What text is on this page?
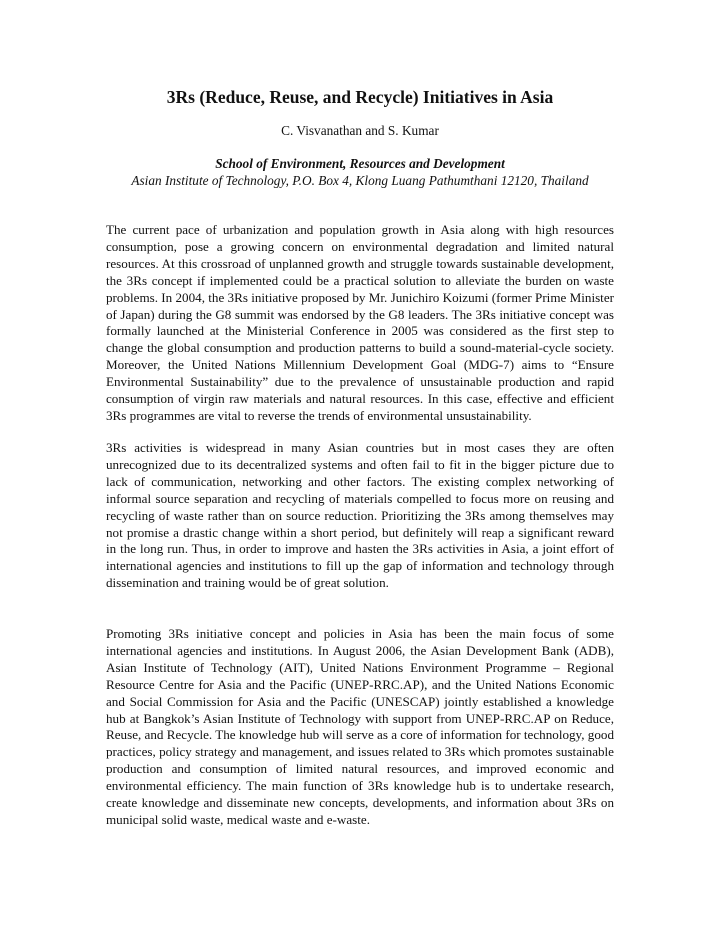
3Rs (Reduce, Reuse, and Recycle) Initiatives in Asia

C. Visvanathan and S. Kumar

School of Environment, Resources and Development

Asian Institute of Technology, P.O. Box 4, Klong Luang Pathumthani 12120, Thailand

The current pace of urbanization and population growth in Asia along with high resources consumption, pose a growing concern on environmental degradation and limited natural resources. At this crossroad of unplanned growth and struggle towards sustainable development, the 3Rs concept if implemented could be a practical solution to alleviate the burden on waste problems. In 2004, the 3Rs initiative proposed by Mr. Junichiro Koizumi (former Prime Minister of Japan) during the G8 summit was endorsed by the G8 leaders. The 3Rs initiative concept was formally launched at the Ministerial Conference in 2005 was considered as the first step to change the global consumption and production patterns to build a sound-material-cycle society. Moreover, the United Nations Millennium Development Goal (MDG-7) aims to “Ensure Environmental Sustainability” due to the prevalence of unsustainable production and rapid consumption of virgin raw materials and natural resources. In this case, effective and efficient 3Rs programmes are vital to reverse the trends of environmental unsustainability.

3Rs activities is widespread in many Asian countries but in most cases they are often unrecognized due to its decentralized systems and often fail to fit in the bigger picture due to lack of communication, networking and other factors. The existing complex networking of informal source separation and recycling of materials compelled to focus more on reusing and recycling of waste rather than on source reduction. Prioritizing the 3Rs among themselves may not promise a drastic change within a short period, but definitely will reap a significant reward in the long run. Thus, in order to improve and hasten the 3Rs activities in Asia, a joint effort of international agencies and institutions to fill up the gap of information and technology through dissemination and training would be of great solution.

Promoting 3Rs initiative concept and policies in Asia has been the main focus of some international agencies and institutions. In August 2006, the Asian Development Bank (ADB), Asian Institute of Technology (AIT), United Nations Environment Programme – Regional Resource Centre for Asia and the Pacific (UNEP-RRC.AP), and the United Nations Economic and Social Commission for Asia and the Pacific (UNESCAP) jointly established a knowledge hub at Bangkok’s Asian Institute of Technology with support from UNEP-RRC.AP on Reduce, Reuse, and Recycle. The knowledge hub will serve as a core of information for technology, good practices, policy strategy and management, and issues related to 3Rs which promotes sustainable production and consumption of limited natural resources, and improved economic and environmental efficiency. The main function of 3Rs knowledge hub is to undertake research, create knowledge and disseminate new concepts, developments, and information about 3Rs on municipal solid waste, medical waste and e-waste.
